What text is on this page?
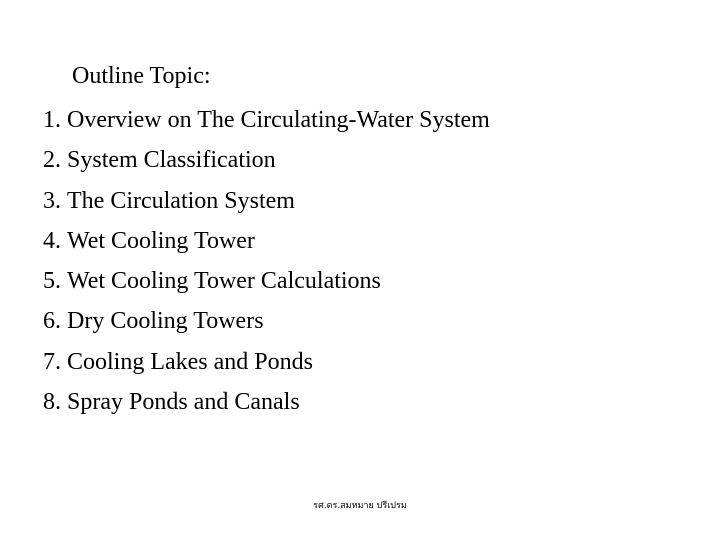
Outline Topic:
1. Overview on The Circulating-Water System
2. System Classification
3. The Circulation System
4. Wet Cooling Tower
5. Wet Cooling Tower Calculations
6. Dry Cooling Towers
7. Cooling Lakes and Ponds
8. Spray Ponds and Canals
รศ.ดร.สมหมาย ปรีเปรม
